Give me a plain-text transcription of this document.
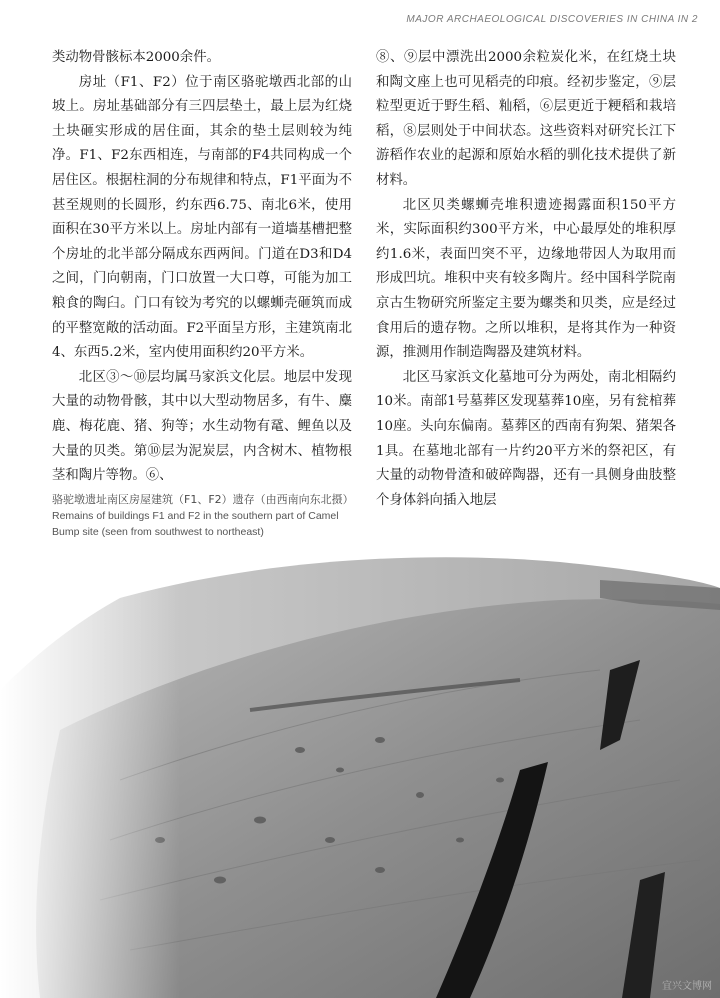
MAJOR ARCHAEOLOGICAL DISCOVERIES IN CHINA IN 2

类动物骨骸标本2000余件。

房址（F1、F2）位于南区骆驼墩西北部的山坡上。房址基础部分有三四层垫土，最上层为红烧土块砸实形成的居住面，其余的垫土层则较为纯净。F1、F2东西相连，与南部的F4共同构成一个居住区。根据柱洞的分布规律和特点，F1平面为不甚至规则的长圆形，约东西6.75、南北6米，使用面积在30平方米以上。房址内部有一道墙基槽把整个房址的北半部分隔成东西两间。门道在D3和D4之间，门向朝南，门口放置一大口尊，可能为加工粮食的陶臼。门口有铰为考究的以螺蛳壳砸筑而成的平整宽敞的活动面。F2平面呈方形，主建筑南北4、东西5.2米，室内使用面积约20平方米。

北区③～⑩层均属马家浜文化层。地层中发现大量的动物骨骸，其中以大型动物居多，有牛、麋鹿、梅花鹿、猪、狗等；水生动物有鼋、鲤鱼以及大量的贝类。第⑩层为泥炭层，内含树木、植物根茎和陶片等物。⑥、

⑧、⑨层中漂洗出2000余粒炭化米，在红烧土块和陶文座上也可见稻壳的印痕。经初步鉴定，⑨层粒型更近于野生稻、籼稻，⑥层更近于粳稻和栽培稻，⑧层则处于中间状态。这些资料对研究长江下游稻作农业的起源和原始水稻的驯化技术提供了新材料。

北区贝类螺蛳壳堆积遗迹揭露面积150平方米，实际面积约300平方米，中心最厚处的堆积厚约1.6米，表面凹突不平，边缘地带因人为取用而形成凹坑。堆积中夹有较多陶片。经中国科学院南京古生物研究所鉴定主要为螺类和贝类，应是经过食用后的遗存物。之所以堆积，是将其作为一种资源，推测用作制造陶器及建筑材料。

北区马家浜文化墓地可分为两处，南北相隔约10米。南部1号墓葬区发现墓葬10座，另有瓮棺葬10座。头向东偏南。墓葬区的西南有狗架、猪架各1具。在墓地北部有一片约20平方米的祭祀区，有大量的动物骨渣和破碎陶器，还有一具侧身曲肢整个身体斜向插入地层

骆驼墩遗址南区房屋建筑（F1、F2）遗存（由西南向东北摄）
Remains of buildings F1 and F2 in the southern part of Camel
Bump site (seen from southwest to northeast)
宜兴文博网
